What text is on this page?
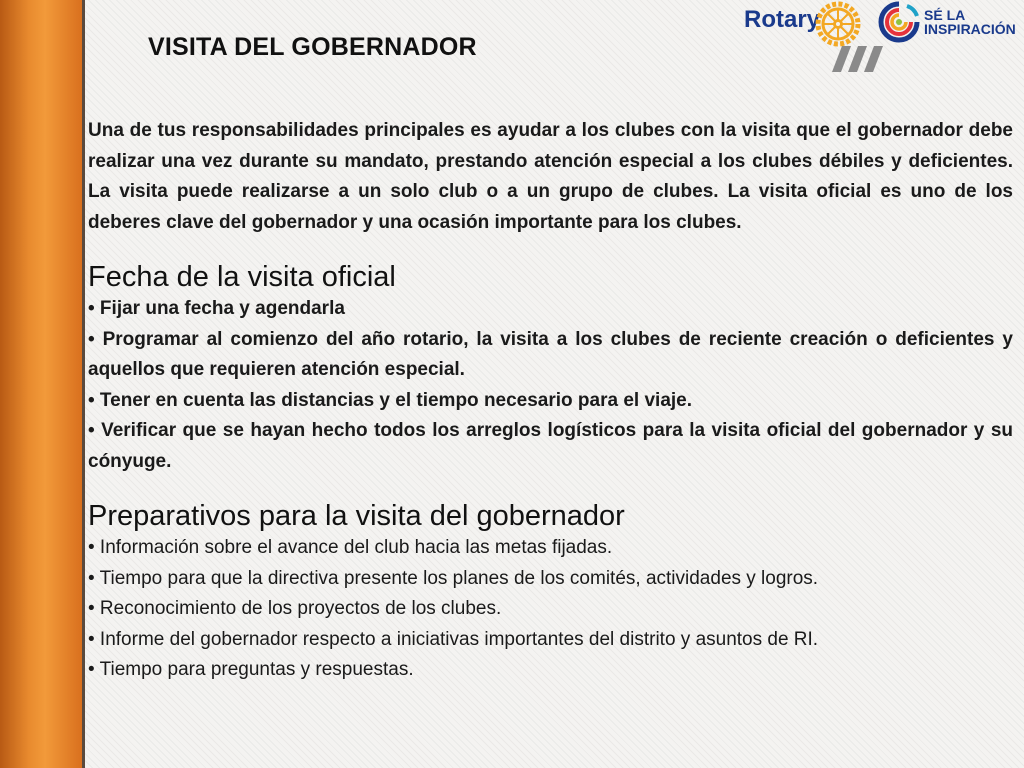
VISITA DEL GOBERNADOR
Rotary	SÉ LA
INSPIRACIÓN

Una de tus responsabilidades principales es ayudar a los clubes con la visita que el gobernador debe realizar una vez durante su mandato, prestando atención especial a los clubes débiles y deficientes. La visita puede realizarse a un solo club o a un grupo de clubes. La visita oficial es uno de los deberes clave del gobernador y una ocasión importante para los clubes.

Fecha de la visita oficial
• Fijar una fecha y agendarla
• Programar al comienzo del año rotario, la visita a los clubes de reciente creación o deficientes y aquellos que requieren atención especial.
• Tener en cuenta las distancias y el tiempo necesario para el viaje.
• Verificar que se hayan hecho todos los arreglos logísticos para la visita oficial del gobernador y su cónyuge.
Preparativos para la visita del gobernador
• Información sobre el avance del club hacia las metas fijadas.
• Tiempo para que la directiva presente los planes de los comités, actividades y logros.
• Reconocimiento de los proyectos de los clubes.
• Informe del gobernador respecto a iniciativas importantes del distrito y asuntos de RI.
• Tiempo para preguntas y respuestas.
